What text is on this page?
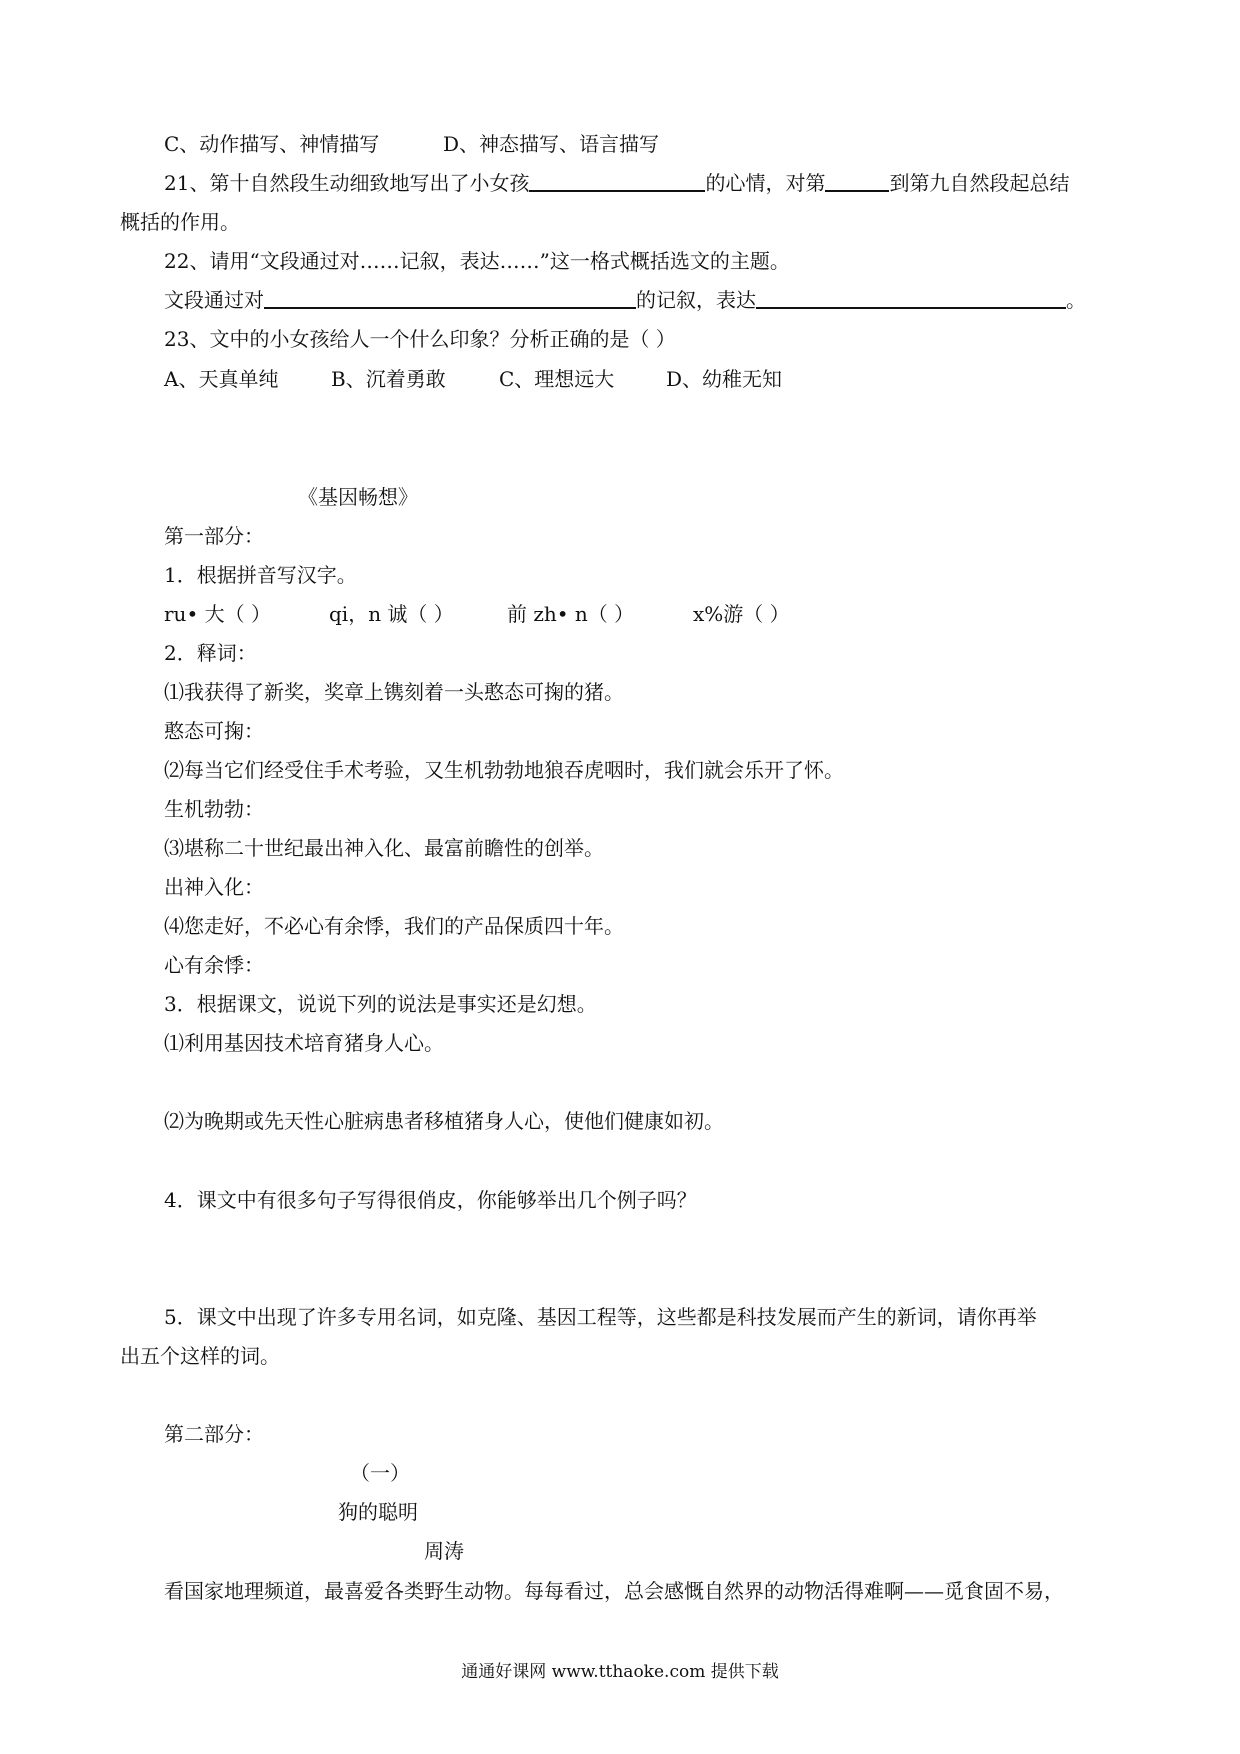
C、动作描写、神情描写	D、神态描写、语言描写
21、第十自然段生动细致地写出了小女孩	的心情，对第	到第九自然段起总结
概括的作用。
22、请用“文段通过对……记叙，表达……”这一格式概括选文的主题。
文段通过对	的记叙，表达	。
23、文中的小女孩给人一个什么印象？分析正确的是（ ）
A、天真单纯	B、沉着勇敢	C、理想远大	D、幼稚无知
《基因畅想》
第一部分：
1．根据拼音写汉字。
ru• 大（ ）	qi，n 诚（ ）	前 zh• n（ ）	x%游（ ）
2．释词：
⑴我获得了新奖，奖章上镌刻着一头憨态可掬的猪。
憨态可掬：
⑵每当它们经受住手术考验，又生机勃勃地狼吞虎咽时，我们就会乐开了怀。
生机勃勃：
⑶堪称二十世纪最出神入化、最富前瞻性的创举。
出神入化：
⑷您走好，不必心有余悸，我们的产品保质四十年。
心有余悸：
3．根据课文，说说下列的说法是事实还是幻想。
⑴利用基因技术培育猪身人心。
⑵为晚期或先天性心脏病患者移植猪身人心，使他们健康如初。
4．课文中有很多句子写得很俏皮，你能够举出几个例子吗？
5．课文中出现了许多专用名词，如克隆、基因工程等，这些都是科技发展而产生的新词，请你再举
出五个这样的词。
第二部分：
（一）
狗的聪明
周涛
看国家地理频道，最喜爱各类野生动物。每每看过，总会感慨自然界的动物活得难啊——觅食固不易，
通通好课网 www.tthaoke.com 提供下载
